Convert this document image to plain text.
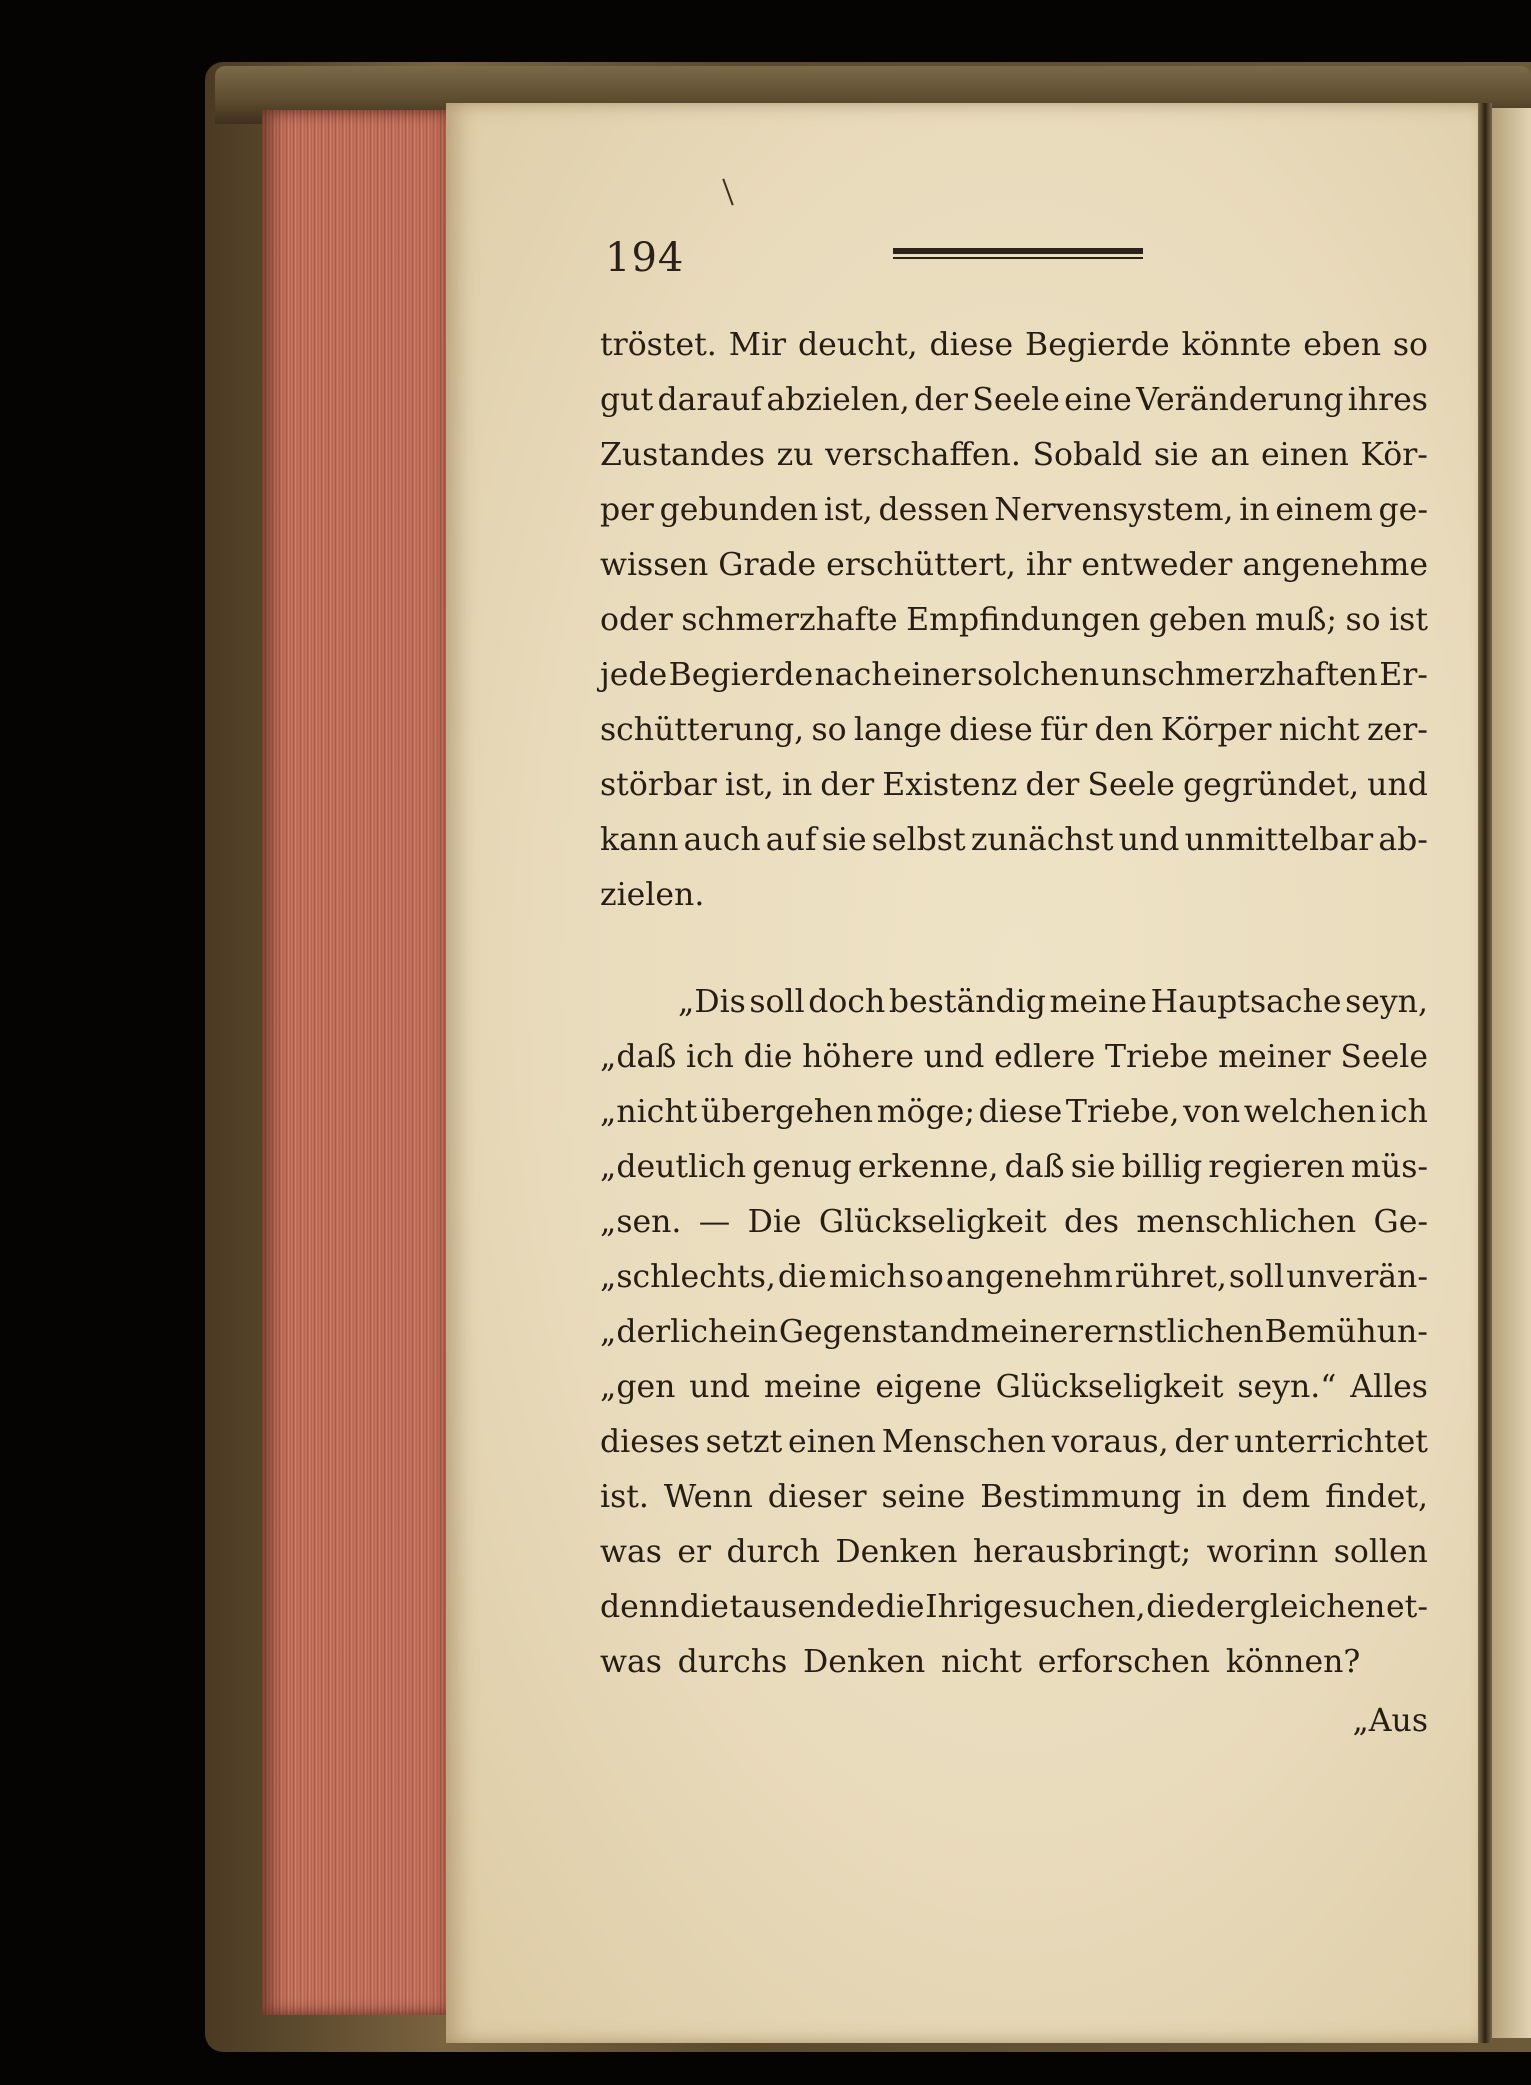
194

tröstet. Mir deucht, diese Begierde könnte eben so

gut darauf abzielen, der Seele eine Veränderung ihres

Zustandes zu verschaffen. Sobald sie an einen Kör-

per gebunden ist, dessen Nervensystem, in einem ge-

wissen Grade erschüttert, ihr entweder angenehme

oder schmerzhafte Empfindungen geben muß; so ist

jede Begierde nach einer solchen unschmerzhaften Er-

schütterung, so lange diese für den Körper nicht zer-

störbar ist, in der Existenz der Seele gegründet, und

kann auch auf sie selbst zunächst und unmittelbar ab-

zielen.

„Dis soll doch beständig meine Hauptsache seyn,

„daß ich die höhere und edlere Triebe meiner Seele

„nicht übergehen möge; diese Triebe, von welchen ich

„deutlich genug erkenne, daß sie billig regieren müs-

„sen. — Die Glückseligkeit des menschlichen Ge-

„schlechts, die mich so angenehm rühret, soll unverän-

„derlich ein Gegenstand meiner ernstlichen Bemühun-

„gen und meine eigene Glückseligkeit seyn.“ Alles

dieses setzt einen Menschen voraus, der unterrichtet

ist. Wenn dieser seine Bestimmung in dem findet,

was er durch Denken herausbringt; worinn sollen

denn die tausende die Ihrige suchen, die dergleichen et-

was durchs Denken nicht erforschen können?

„Aus
